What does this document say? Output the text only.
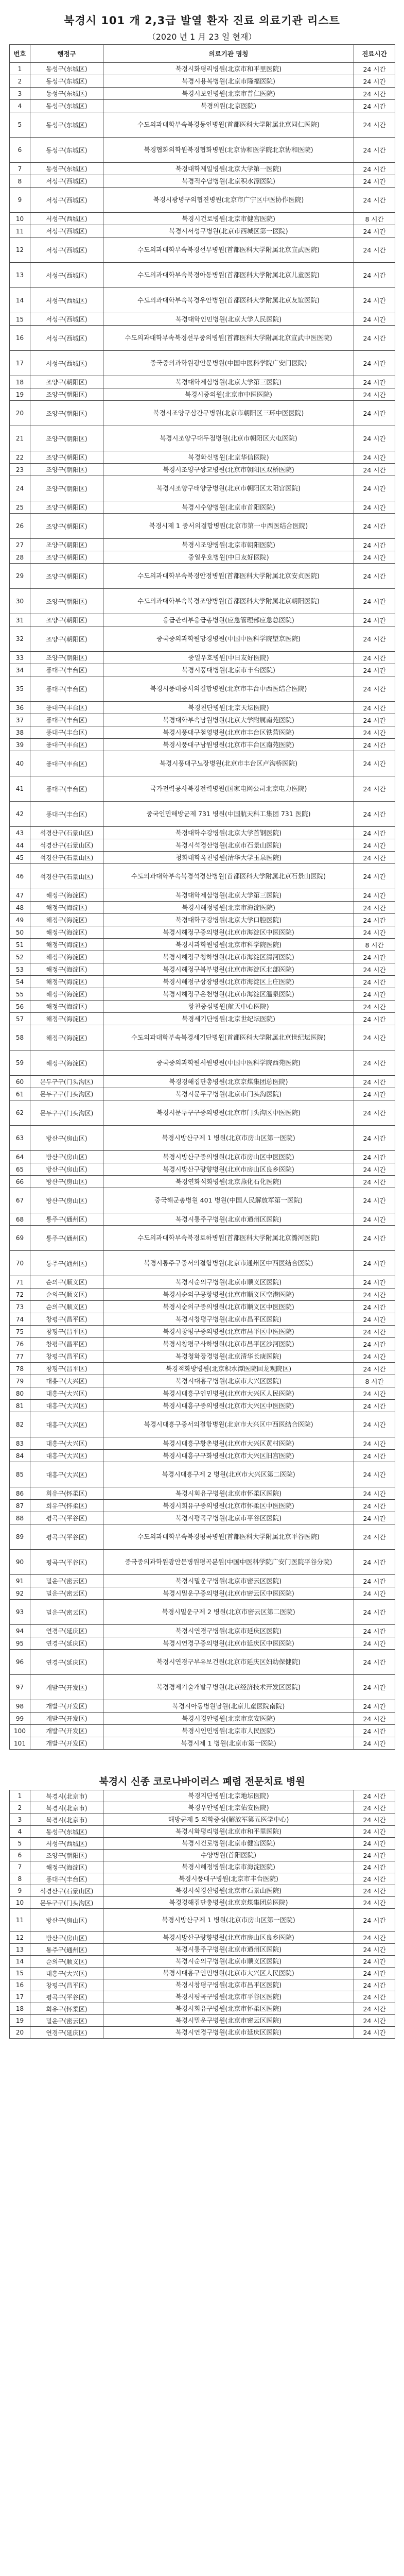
북경시 101 개 2,3급 발열 환자 진료 의료기관 리스트
（2020 년 1 月 23 일 현재）
번호	행정구	의료기관 명칭	진료시간
1	동성구(东城区)	북경시화평리병원(北京市和平里医院)	24 시간
2	동성구(东城区)	북경시용복병원(北京市隆福医院)	24 시간
3	동성구(东城区)	북경시보인병원(北京市普仁医院)	24 시간
4	동성구(东城区)	북경의원(北京医院)	24 시간
5	동성구(东城区)	수도의과대학부속북경동인병원(首都医科大学附属北京同仁医院)	24 시간
6	동성구(东城区)	북경협화의학원북경협화병원(北京协和医学院北京协和医院)	24 시간
7	동성구(东城区)	북경대학제일병원(北京大学第一医院)	24 시간
8	서성구(西城区)	북경적수담병원(北京积水潭医院)	24 시간
9	서성구(西城区)	북경시광녕구의협진병원(北京市广宁区中医协作医院)	24 시간
10	서성구(西城区)	북경시건로병원(北京市健宫医院)	8 시간
11	서성구(西城区)	북경시서성구병원(北京市西城区第一医院)	24 시간
12	서성구(西城区)	수도의과대학부속북경선무병원(首都医科大学附属北京宣武医院)	24 시간
13	서성구(西城区)	수도의과대학부속북경아동병원(首都医科大学附属北京儿童医院)	24 시간
14	서성구(西城区)	수도의과대학부속북경우안병원(首都医科大学附属北京友谊医院)	24 시간
15	서성구(西城区)	북경대학인민병원(北京大学人民医院)	24 시간
16	서성구(西城区)	수도의과대학부속북경선무중의병원(首都医科大学附属北京宣武中医医院)	24 시간
17	서성구(西城区)	중국중의과학원광안문병원(中国中医科学院广安门医院)	24 시간
18	조양구(朝阳区)	북경대학제삼병원(北京大学第三医院)	24 시간
19	조양구(朝阳区)	북경시중의원(北京市中医医院)	24 시간
20	조양구(朝阳区)	북경시조양구삼간구병원(北京市朝阳区三环中医医院)	24 시간
21	조양구(朝阳区)	북경시조양구대두점병원(北京市朝阳区大屯医院)	24 시간
22	조양구(朝阳区)	북경화신병원(北京华信医院)	24 시간
23	조양구(朝阳区)	북경시조양구쌍교병원(北京市朝阳区双桥医院)	24 시간
24	조양구(朝阳区)	북경시조양구태양궁병원(北京市朝阳区太阳宫医院)	24 시간
25	조양구(朝阳区)	북경시수양병원(北京市首阳医院)	24 시간
26	조양구(朝阳区)	북경시제 1 중서의결합병원(北京市第一中西医结合医院)	24 시간
27	조양구(朝阳区)	북경시조양병원(北京市朝阳医院)	24 시간
28	조양구(朝阳区)	중일우호병원(中日友好医院)	24 시간
29	조양구(朝阳区)	수도의과대학부속북경안정병원(首都医科大学附属北京安贞医院)	24 시간
30	조양구(朝阳区)	수도의과대학부속북경조양병원(首都医科大学附属北京朝阳医院)	24 시간
31	조양구(朝阳区)	응급관리부응급총병원(应急管理部应急总医院)	24 시간
32	조양구(朝阳区)	중국중의과학원망경병원(中国中医科学院望京医院)	24 시간
33	조양구(朝阳区)	중일우호병원(中日友好医院)	24 시간
34	풍대구(丰台区)	북경시풍대병원(北京市丰台医院)	24 시간
35	풍대구(丰台区)	북경시풍대중서의결합병원(北京市丰台中西医结合医院)	24 시간
36	풍대구(丰台区)	북경천단병원(北京天坛医院)	24 시간
37	풍대구(丰台区)	북경대학부속남원병원(北京大学附属南苑医院)	24 시간
38	풍대구(丰台区)	북경시풍대구철영병원(北京市丰台区铁营医院)	24 시간
39	풍대구(丰台区)	북경시풍대구남원병원(北京市丰台区南苑医院)	24 시간
40	풍대구(丰台区)	북경시풍대구노장병원(北京市丰台区卢沟桥医院)	24 시간
41	풍대구(丰台区)	국가전력공사북경전력병원(国家电网公司北京电力医院)	24 시간
42	풍대구(丰台区)	중국인민해방군제 731 병원(中国航天科工集团 731 医院)	24 시간
43	석경산구(石景山区)	북경대학수강병원(北京大学首钢医院)	24 시간
44	석경산구(石景山区)	북경시석경산병원(北京市石景山医院)	24 시간
45	석경산구(石景山区)	청화대학옥천병원(清华大学玉泉医院)	24 시간
46	석경산구(石景山区)	수도의과대학부속북경석경산병원(首都医科大学附属北京石景山医院)	24 시간
47	해정구(海淀区)	북경대학제삼병원(北京大学第三医院)	24 시간
48	해정구(海淀区)	북경시해정병원(北京市海淀医院)	24 시간
49	해정구(海淀区)	북경대학구강병원(北京大学口腔医院)	24 시간
50	해정구(海淀区)	북경시해정구중의병원(北京市海淀区中医医院)	24 시간
51	해정구(海淀区)	북경시과학원병원(北京市科学院医院)	8 시간
52	해정구(海淀区)	북경시해정구청하병원(北京市海淀区清河医院)	24 시간
53	해정구(海淀区)	북경시해정구북부병원(北京市海淀区北部医院)	24 시간
54	해정구(海淀区)	북경시해정구상장병원(北京市海淀区上庄医院)	24 시간
55	해정구(海淀区)	북경시해정구온천병원(北京市海淀区温泉医院)	24 시간
56	해정구(海淀区)	항천중심병원(航天中心医院)	24 시간
57	해정구(海淀区)	북경세기단병원(北京世纪坛医院)	24 시간
58	해정구(海淀区)	수도의과대학부속북경세기단병원(首都医科大学附属北京世纪坛医院)	24 시간
59	해정구(海淀区)	중국중의과학원서원병원(中国中医科学院西苑医院)	24 시간
60	문두구구(门头沟区)	북경경해집단총병원(北京京煤集团总医院)	24 시간
61	문두구구(门头沟区)	북경시문두구병원(北京市门头沟医院)	24 시간
62	문두구구(门头沟区)	북경시문두구구중의병원(北京市门头沟区中医医院)	24 시간
63	방산구(房山区)	북경시방산구제 1 병원(北京市房山区第一医院)	24 시간
64	방산구(房山区)	북경시방산구중의병원(北京市房山区中医医院)	24 시간
65	방산구(房山区)	북경시방산구량향병원(北京市房山区良乡医院)	24 시간
66	방산구(房山区)	북경연화석화병원(北京燕化石化医院)	24 시간
67	방산구(房山区)	중국해군총병원 401 병원(中国人民解放军第一医院)	24 시간
68	통주구(通州区)	북경시통주구병원(北京市通州区医院)	24 시간
69	통주구(通州区)	수도의과대학부속북경로하병원(首都医科大学附属北京潞河医院)	24 시간
70	통주구(通州区)	북경시통주구중서의결합병원(北京市通州区中西医结合医院)	24 시간
71	순의구(顺义区)	북경시순의구병원(北京市顺义区医院)	24 시간
72	순의구(顺义区)	북경시순의구공항병원(北京市顺义区空港医院)	24 시간
73	순의구(顺义区)	북경시순의구중의병원(北京市顺义区中医医院)	24 시간
74	창평구(昌平区)	북경시창평구병원(北京市昌平区医院)	24 시간
75	창평구(昌平区)	북경시창평구중의병원(北京市昌平区中医医院)	24 시간
76	창평구(昌平区)	북경시창평구사하병원(北京市昌平区沙河医院)	24 시간
77	창평구(昌平区)	북경청화장경병원(北京清华长庚医院)	24 시간
78	창평구(昌平区)	북경적화방병원(北京积水潭医院回龙观院区)	24 시간
79	대흥구(大兴区)	북경시대흥구병원(北京市大兴区医院)	8 시간
80	대흥구(大兴区)	북경시대흥구인민병원(北京市大兴区人民医院)	24 시간
81	대흥구(大兴区)	북경시대흥구중의병원(北京市大兴区中医医院)	24 시간
82	대흥구(大兴区)	북경시대흥구중서의결합병원(北京市大兴区中西医结合医院)	24 시간
83	대흥구(大兴区)	북경시대흥구황촌병원(北京市大兴区黄村医院)	24 시간
84	대흥구(大兴区)	북경시대흥구구화병원(北京市大兴区旧宫医院)	24 시간
85	대흥구(大兴区)	북경시대흥구제 2 병원(北京市大兴区第二医院)	24 시간
86	회유구(怀柔区)	북경시회유구병원(北京市怀柔区医院)	24 시간
87	회유구(怀柔区)	북경시회유구중의병원(北京市怀柔区中医医院)	24 시간
88	평곡구(平谷区)	북경시평곡구병원(北京市平谷区医院)	24 시간
89	평곡구(平谷区)	수도의과대학부속북경평곡병원(首都医科大学附属北京平谷医院)	24 시간
90	평곡구(平谷区)	중국중의과학원광안문병원평곡분원(中国中医科学院广安门医院平谷分院)	24 시간
91	밀운구(密云区)	북경시밀운구병원(北京市密云区医院)	24 시간
92	밀운구(密云区)	북경시밀운구중의병원(北京市密云区中医医院)	24 시간
93	밀운구(密云区)	북경시밀운구제 2 병원(北京市密云区第二医院)	24 시간
94	연경구(延庆区)	북경시연경구병원(北京市延庆区医院)	24 시간
95	연경구(延庆区)	북경시연경구중의병원(北京市延庆区中医医院)	24 시간
96	연경구(延庆区)	북경시연경구부유보건원(北京市延庆区妇幼保健院)	24 시간
97	개발구(开发区)	북경경제기술개발구병원(北京经济技术开发区医院)	24 시간
98	개발구(开发区)	북경시아동병원남원(北京儿童医院南院)	24 시간
99	개발구(开发区)	북경시경안병원(北京市京安医院)	24 시간
100	개발구(开发区)	북경시인민병원(北京市人民医院)	24 시간
101	개발구(开发区)	북경시제 1 병원(北京市第一医院)	24 시간
북경시 신종 코로나바이러스 폐렴 전문치료 병원
1	북경시(北京市)	북경지단병원(北京地坛医院)	24 시간
2	북경시(北京市)	북경우안병원(北京佑安医院)	24 시간
3	북경시(北京市)	해방군제 5 의학중심(解放军第五医学中心)	24 시간
4	동성구(东城区)	북경시화평리병원(北京市和平里医院)	24 시간
5	서성구(西城区)	북경시건로병원(北京市健宫医院)	24 시간
6	조양구(朝阳区)	수양병원(首阳医院)	24 시간
7	해정구(海淀区)	북경시해정병원(北京市海淀医院)	24 시간
8	풍대구(丰台区)	북경시풍대구병원(北京市丰台医院)	24 시간
9	석경산구(石景山区)	북경시석경산병원(北京市石景山医院)	24 시간
10	문두구구(门头沟区)	북경경해집단총병원(北京京煤集团总医院)	24 시간
11	방산구(房山区)	북경시방산구제 1 병원(北京市房山区第一医院)	24 시간
12	방산구(房山区)	북경시방산구량향병원(北京市房山区良乡医院)	24 시간
13	통주구(通州区)	북경시통주구병원(北京市通州区医院)	24 시간
14	순의구(顺义区)	북경시순의구병원(北京市顺义区医院)	24 시간
15	대흥구(大兴区)	북경시대흥구인민병원(北京市大兴区人民医院)	24 시간
16	창평구(昌平区)	북경시창평구병원(北京市昌平区医院)	24 시간
17	평곡구(平谷区)	북경시평곡구병원(北京市平谷区医院)	24 시간
18	회유구(怀柔区)	북경시회유구병원(北京市怀柔区医院)	24 시간
19	밀운구(密云区)	북경시밀운구병원(北京市密云区医院)	24 시간
20	연경구(延庆区)	북경시연경구병원(北京市延庆区医院)	24 시간
